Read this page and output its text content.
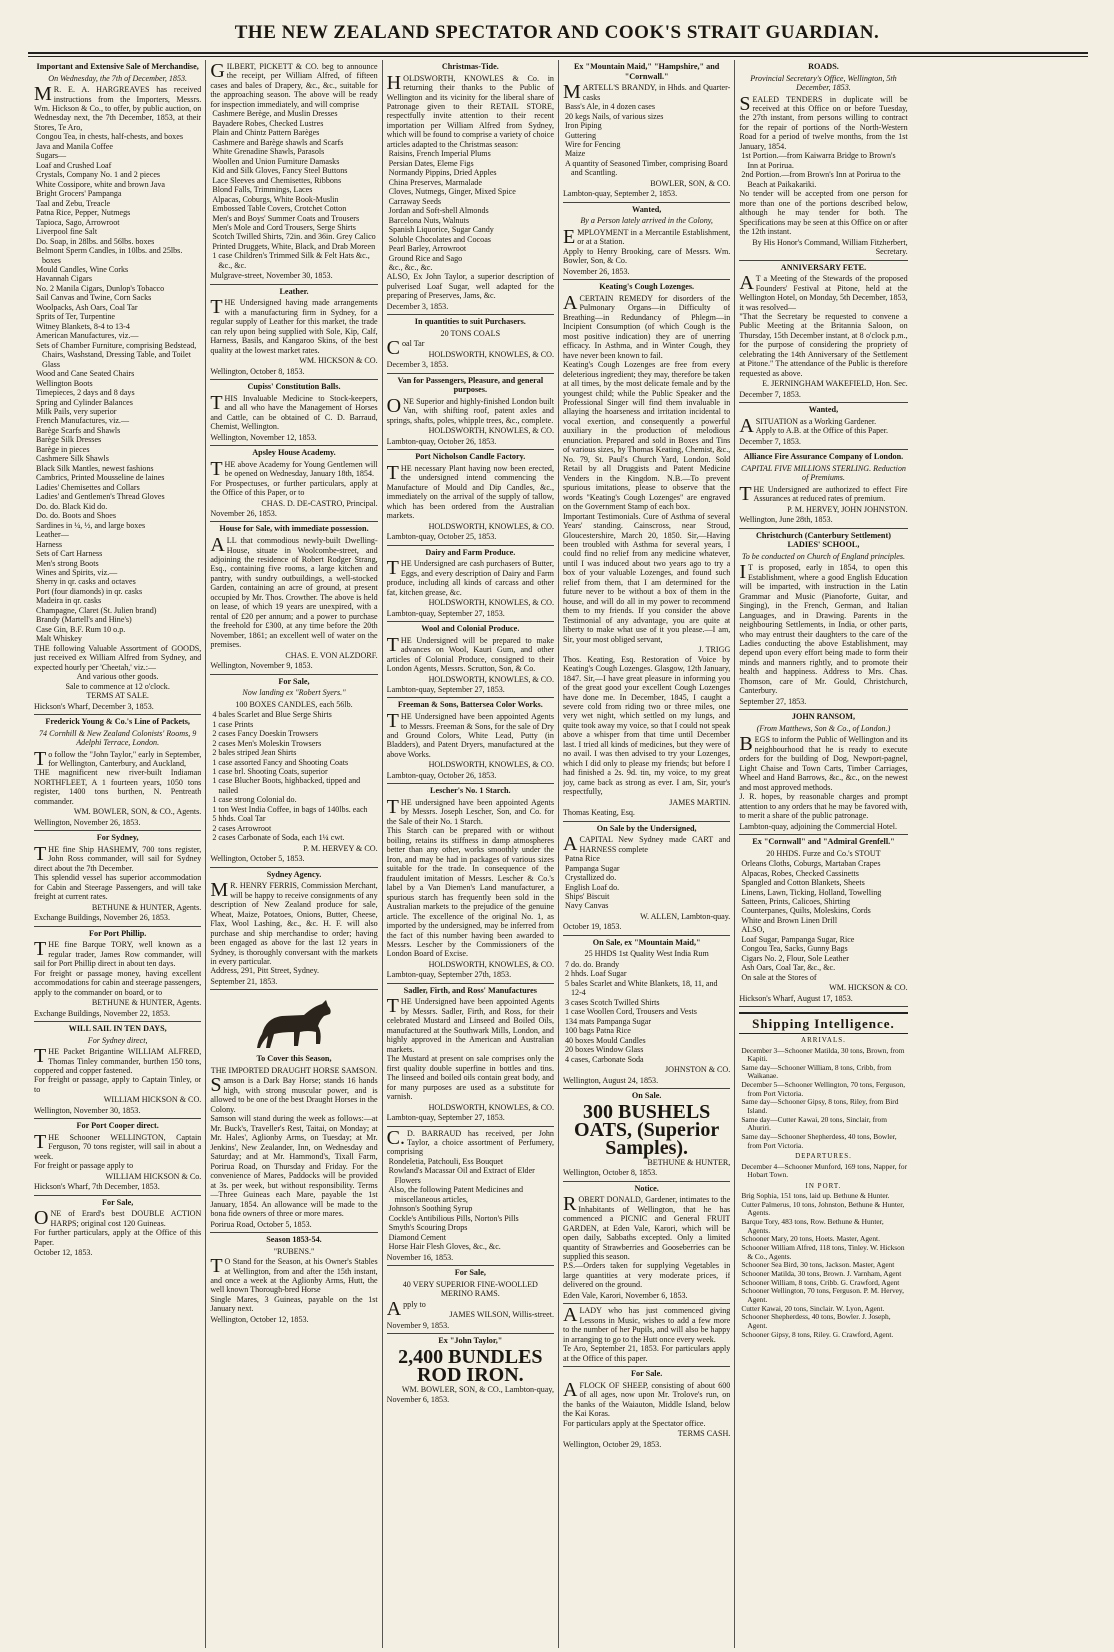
THE NEW ZEALAND SPECTATOR AND COOK'S STRAIT GUARDIAN.
Important and Extensive Sale of Merchandise,
On Wednesday, the 7th of December, 1853.

MR. E. A. HARGREAVES has received instructions from the Importers, Messrs. Wm. Hickson & Co., to offer, by public auction, on Wednesday next, the 7th December, 1853, at their Stores, Te Aro,

Congou Tea, in chests, half-chests, and boxes
Java and Manila Coffee
Sugars—
Loaf and Crushed Loaf
Crystals, Company No. 1 and 2 pieces
White Cossipore, white and brown Java
Bright Grocers' Pampanga
Taal and Zebu, Treacle
Patna Rice, Pepper, Nutmegs
Tapioca, Sago, Arrowroot
Liverpool fine Salt
Do. Soap, in 28lbs. and 56lbs. boxes
Belmont Sperm Candles, in 10lbs. and 25lbs. boxes
Mould Candles, Wine Corks
Havannah Cigars
No. 2 Manila Cigars, Dunlop's Tobacco
Sail Canvas and Twine, Corn Sacks
Woolpacks, Ash Oars, Coal Tar
Sprits of Ter, Turpentine
Witney Blankets, 8-4 to 13-4
American Manufactures, viz.—
Sets of Chamber Furniture, comprising Bedstead, Chairs, Washstand, Dressing Table, and Toilet Glass
Wood and Cane Seated Chairs
Wellington Boots
Timepieces, 2 days and 8 days
Spring and Cylinder Balances
Milk Pails, very superior
French Manufactures, viz.—
Barège Scarfs and Shawls
Barège Silk Dresses
Barège in pieces
Cashmere Silk Shawls
Black Silk Mantles, newest fashions
Cambrics, Printed Mousseline de laines
Ladies' Chemisettes and Collars
Ladies' and Gentlemen's Thread Gloves
Do. do. Black Kid do.
Do. do. Boots and Shoes
Sardines in ¼, ½, and large boxes
Leather—
Harness
Sets of Cart Harness
Men's strong Boots
Wines and Spirits, viz.—
Sherry in qr. casks and octaves
Port (four diamonds) in qr. casks
Madeira in qr. casks
Champagne, Claret (St. Julien brand)
Brandy (Martell's and Hine's)
Case Gin, B.F. Rum 10 o.p.
Malt Whiskey

THE following Valuable Assortment of GOODS, just received ex William Alfred from Sydney, and expected hourly per 'Cheetah,' viz.:—

And various other goods.
Sale to commence at 12 o'clock.
TERMS AT SALE.
Hickson's Wharf, December 3, 1853.
Frederick Young & Co.'s Line of Packets,
74 Cornhill & New Zealand Colonists' Rooms, 9 Adelphi Terrace, London.

To follow the "John Taylor," early in September, for Wellington, Canterbury, and Auckland,

THE magnificent new river-built Indiaman NORTHFLEET, A 1 fourteen years, 1050 tons register, 1400 tons burthen, N. Pentreath commander.

WM. BOWLER, SON, & CO., Agents.
Wellington, November 26, 1853.
For Sydney,

THE fine Ship HASHEMY, 700 tons register, John Ross commander, will sail for Sydney direct about the 7th December.

This splendid vessel has superior accommodation for Cabin and Steerage Passengers, and will take freight at current rates.

BETHUNE & HUNTER, Agents.
Exchange Buildings, November 26, 1853.
For Port Phillip.

THE fine Barque TORY, well known as a regular trader, James Row commander, will sail for Port Phillip direct in about ten days.

For freight or passage money, having excellent accommodations for cabin and steerage passengers, apply to the commander on board, or to

BETHUNE & HUNTER, Agents.
Exchange Buildings, November 22, 1853.
WILL SAIL IN TEN DAYS,
For Sydney direct,

THE Packet Brigantine WILLIAM ALFRED, Thomas Tinley commander, burthen 150 tons, coppered and copper fastened.

For freight or passage, apply to Captain Tinley, or to

WILLIAM HICKSON & CO.
Wellington, November 30, 1853.
For Port Cooper direct.

THE Schooner WELLINGTON, Captain Ferguson, 70 tons register, will sail in about a week.

For freight or passage apply to

WILLIAM HICKSON & Co.
Hickson's Wharf, 7th December, 1853.
For Sale,

ONE of Erard's best DOUBLE ACTION HARPS; original cost 120 Guineas.

For further particulars, apply at the Office of this Paper.

October 12, 1853.

GILBERT, PICKETT & CO. beg to announce the receipt, per William Alfred, of fifteen cases and bales of Drapery, &c., &c., suitable for the approaching season. The above will be ready for inspection immediately, and will comprise

Cashmere Berège, and Muslin Dresses
Bayadere Robes, Checked Lustres
Plain and Chintz Pattern Barèges
Cashmere and Barège shawls and Scarfs
White Grenadine Shawls, Parasols
Woollen and Union Furniture Damasks
Kid and Silk Gloves, Fancy Steel Buttons
Lace Sleeves and Chemisettes, Ribbons
Blond Falls, Trimmings, Laces
Alpacas, Coburgs, White Book-Muslin
Embossed Table Covers, Crotchet Cotton
Men's and Boys' Summer Coats and Trousers
Men's Mole and Cord Trousers, Serge Shirts
Scotch Twilled Shirts, 72in. and 36in. Grey Calico
Printed Druggets, White, Black, and Drab Moreen
1 case Children's Trimmed Silk & Felt Hats &c., &c., &c.
Mulgrave-street, November 30, 1853.
Leather.

THE Undersigned having made arrangements with a manufacturing firm in Sydney, for a regular supply of Leather for this market, the trade can rely upon being supplied with Sole, Kip, Calf, Harness, Basils, and Kangaroo Skins, of the best quality at the lowest market rates.

WM. HICKSON & CO.
Wellington, October 8, 1853.
Cupiss' Constitution Balls.

THIS Invaluable Medicine to Stock-keepers, and all who have the Management of Horses and Cattle, can be obtained of C. D. Barraud, Chemist, Wellington.

Wellington, November 12, 1853.
Apsley House Academy.

THE above Academy for Young Gentlemen will be opened on Wednesday, January 18th, 1854.

For Prospectuses, or further particulars, apply at the Office of this Paper, or to

CHAS. D. DE-CASTRO, Principal.
November 26, 1853.
House for Sale, with immediate possession.

ALL that commodious newly-built Dwelling-House, situate in Woolcombe-street, and adjoining the residence of Robert Rodger Strang, Esq., containing five rooms, a large kitchen and pantry, with sundry outbuildings, a well-stocked Garden, containing an acre of ground, at present occupied by Mr. Thos. Crowther. The above is held on lease, of which 19 years are unexpired, with a rental of £20 per annum; and a power to purchase the freehold for £300, at any time before the 20th November, 1861; an excellent well of water on the premises.

CHAS. E. VON ALZDORF.
Wellington, November 9, 1853.
For Sale,
Now landing ex "Robert Syers."
100 BOXES CANDLES, each 56lb.
4 bales Scarlet and Blue Serge Shirts
1 case Prints
2 cases Fancy Doeskin Trowsers
2 cases Men's Moleskin Trowsers
2 bales striped Jean Shirts
1 case assorted Fancy and Shooting Coats
1 case brl. Shooting Coats, superior
1 case Blucher Boots, highbacked, tipped and nailed
1 case strong Colonial do.
1 ton West India Coffee, in bags of 140lbs. each
5 hhds. Coal Tar
2 cases Arrowroot
2 cases Carbonate of Soda, each 1¼ cwt.
P. M. HERVEY & CO.
Wellington, October 5, 1853.
Sydney Agency.

MR. HENRY FERRIS, Commission Merchant, will be happy to receive consignments of any description of New Zealand produce for sale, Wheat, Maize, Potatoes, Onions, Butter, Cheese, Flax, Wool Lashing, &c., &c. H. F. will also purchase and ship merchandise to order; having been engaged as above for the last 12 years in Sydney, is thoroughly conversant with the markets in every particular.

Address, 291, Pitt Street, Sydney.

September 21, 1853.
To Cover this Season,
THE IMPORTED DRAUGHT HORSE SAMSON.

Samson is a Dark Bay Horse; stands 16 hands high, with strong muscular power, and is allowed to be one of the best Draught Horses in the Colony.

Samson will stand during the week as follows:—at Mr. Buck's, Traveller's Rest, Taitai, on Monday; at Mr. Hales', Aglionby Arms, on Tuesday; at Mr. Jenkins', New Zealander, Inn, on Wednesday and Saturday; and at Mr. Hammond's, Tixall Farm, Porirua Road, on Thursday and Friday. For the convenience of Mares, Paddocks will be provided at 3s. per week, but without responsibility. Terms—Three Guineas each Mare, payable the 1st January, 1854. An allowance will be made to the bona fide owners of three or more mares.

Porirua Road, October 5, 1853.
Season 1853-54.
"RUBENS."

TO Stand for the Season, at his Owner's Stables at Wellington, from and after the 15th instant, and once a week at the Aglionby Arms, Hutt, the well known Thorough-bred Horse

Single Mares, 3 Guineas, payable on the 1st January next.

Wellington, October 12, 1853.
Christmas-Tide.

HOLDSWORTH, KNOWLES & Co. in returning their thanks to the Public of Wellington and its vicinity for the liberal share of Patronage given to their RETAIL STORE, respectfully invite attention to their recent importation per William Alfred from Sydney, which will be found to comprise a variety of choice articles adapted to the Christmas season:

Raisins, French Imperial Plums
Persian Dates, Eleme Figs
Normandy Pippins, Dried Apples
China Preserves, Marmalade
Cloves, Nutmegs, Ginger, Mixed Spice
Carraway Seeds
Jordan and Soft-shell Almonds
Barcelona Nuts, Walnuts
Spanish Liquorice, Sugar Candy
Soluble Chocolates and Cocoas
Pearl Barley, Arrowroot
Ground Rice and Sago
&c., &c., &c.

ALSO, Ex John Taylor, a superior description of pulverised Loaf Sugar, well adapted for the preparing of Preserves, Jams, &c.

December 3, 1853.
In quantities to suit Purchasers.
20 TONS COALS

Coal Tar

HOLDSWORTH, KNOWLES, & CO.
December 3, 1853.
Van for Passengers, Pleasure, and general purposes.

ONE Superior and highly-finished London built Van, with shifting roof, patent axles and springs, shafts, poles, whipple trees, &c., complete.

HOLDSWORTH, KNOWLES, & CO.
Lambton-quay, October 26, 1853.
Port Nicholson Candle Factory.

THE necessary Plant having now been erected, the undersigned intend commencing the Manufacture of Mould and Dip Candles, &c., immediately on the arrival of the supply of tallow, which has been ordered from the Australian markets.

HOLDSWORTH, KNOWLES, & CO.
Lambton-quay, October 25, 1853.
Dairy and Farm Produce.

THE Undersigned are cash purchasers of Butter, Eggs, and every description of Dairy and Farm produce, including all kinds of carcass and other fat, kitchen grease, &c.

HOLDSWORTH, KNOWLES, & CO.
Lambton-quay, September 27, 1853.
Wool and Colonial Produce.

THE Undersigned will be prepared to make advances on Wool, Kauri Gum, and other articles of Colonial Produce, consigned to their London Agents, Messrs. Scrutton, Son, & Co.

HOLDSWORTH, KNOWLES, & CO.
Lambton-quay, September 27, 1853.
Freeman & Sons, Battersea Color Works.

THE Undersigned have been appointed Agents to Messrs. Freeman & Sons, for the sale of Dry and Ground Colors, White Lead, Putty (in Bladders), and Patent Dryers, manufactured at the above Works.

HOLDSWORTH, KNOWLES, & CO.
Lambton-quay, October 26, 1853.
Lescher's No. 1 Starch.

THE undersigned have been appointed Agents by Messrs. Joseph Lescher, Son, and Co. for the Sale of their No. 1 Starch.

This Starch can be prepared with or without boiling, retains its stiffness in damp atmospheres better than any other, works smoothly under the Iron, and may be had in packages of various sizes suitable for the trade. In consequence of the fraudulent imitation of Messrs. Lescher & Co.'s label by a Van Diemen's Land manufacturer, a spurious starch has frequently been sold in the Australian markets to the prejudice of the genuine article. The excellence of the original No. 1, as imported by the undersigned, may be inferred from the fact of this number having been awarded to Messrs. Lescher by the Commissioners of the London Board of Excise.

HOLDSWORTH, KNOWLES, & CO.
Lambton-quay, September 27th, 1853.
Sadler, Firth, and Ross' Manufactures

THE Undersigned have been appointed Agents by Messrs. Sadler, Firth, and Ross, for their celebrated Mustard and Linseed and Boiled Oils, manufactured at the Southwark Mills, London, and highly approved in the American and Australian markets.

The Mustard at present on sale comprises only the first quality double superfine in bottles and tins. The linseed and boiled oils contain great body, and for many purposes are used as a substitute for varnish.

HOLDSWORTH, KNOWLES, & CO.
Lambton-quay, September 27, 1853.

C.D. BARRAUD has received, per John Taylor, a choice assortment of Perfumery, comprising

Rondeletia, Patchouli, Ess Bouquet
Rowland's Macassar Oil and Extract of Elder Flowers
Also, the following Patent Medicines and miscellaneous articles,
Johnson's Soothing Syrup
Cockle's Antibilious Pills, Norton's Pills
Smyth's Scouring Drops
Diamond Cement
Horse Hair Flesh Gloves, &c., &c.
November 16, 1853.
For Sale,
40 VERY SUPERIOR FINE-WOOLLED MERINO RAMS.

Apply to

JAMES WILSON, Willis-street.
November 9, 1853.
Ex "John Taylor,"
2,400 BUNDLES ROD IRON.
WM. BOWLER, SON, & CO., Lambton-quay,
November 6, 1853.
Ex "Mountain Maid," "Hampshire," and "Cornwall."

MARTELL'S BRANDY, in Hhds. and Quarter-casks

Bass's Ale, in 4 dozen cases
20 kegs Nails, of various sizes
Iron Piping
Guttering
Wire for Fencing
Maize
A quantity of Seasoned Timber, comprising Board and Scantling.
BOWLER, SON, & CO.
Lambton-quay, September 2, 1853.
Wanted,
By a Person lately arrived in the Colony,

EMPLOYMENT in a Mercantile Establishment, or at a Station.

Apply to Henry Brooking, care of Messrs. Wm. Bowler, Son, & Co.

November 26, 1853.
Keating's Cough Lozenges.

ACERTAIN REMEDY for disorders of the Pulmonary Organs—in Difficulty of Breathing—in Redundancy of Phlegm—in Incipient Consumption (of which Cough is the most positive indication) they are of unerring efficacy. In Asthma, and in Winter Cough, they have never been known to fail.

Keating's Cough Lozenges are free from every deleterious ingredient; they may, therefore be taken at all times, by the most delicate female and by the youngest child; while the Public Speaker and the Professional Singer will find them invaluable in allaying the hoarseness and irritation incidental to vocal exertion, and consequently a powerful auxiliary in the production of melodious enunciation. Prepared and sold in Boxes and Tins of various sizes, by Thomas Keating, Chemist, &c., No. 79, St. Paul's Church Yard, London. Sold Retail by all Druggists and Patent Medicine Venders in the Kingdom. N.B.—To prevent spurious imitations, please to observe that the words "Keating's Cough Lozenges" are engraved on the Government Stamp of each box.

Important Testimonials. Cure of Asthma of several Years' standing. Cainscross, near Stroud, Gloucestershire, March 20, 1850. Sir,—Having been troubled with Asthma for several years, I could find no relief from any medicine whatever, until I was induced about two years ago to try a box of your valuable Lozenges, and found such relief from them, that I am determined for the future never to be without a box of them in the house, and will do all in my power to recommend them to my friends. If you consider the above Testimonial of any advantage, you are quite at liberty to make what use of it you please.—I am, Sir, your most obliged servant,

J. TRIGG

Thos. Keating, Esq. Restoration of Voice by Keating's Cough Lozenges. Glasgow, 12th January, 1847. Sir,—I have great pleasure in informing you of the great good your excellent Cough Lozenges have done me. In December, 1845, I caught a severe cold from riding two or three miles, one very wet night, which settled on my lungs, and quite took away my voice, so that I could not speak above a whisper from that time until December last. I tried all kinds of medicines, but they were of no avail. I was then advised to try your Lozenges, which I did only to please my friends; but before I had finished a 2s. 9d. tin, my voice, to my great joy, came back as strong as ever. I am, Sir, your's respectfully,

JAMES MARTIN.
Thomas Keating, Esq.
On Sale by the Undersigned,

ACAPITAL New Sydney made CART and HARNESS complete

Patna Rice
Pampanga Sugar
Crystallized do.
English Loaf do.
Ships' Biscuit
Navy Canvas
W. ALLEN, Lambton-quay.
October 19, 1853.
On Sale, ex "Mountain Maid,"
25 HHDS 1st Quality West India Rum
7 do. do. Brandy
2 hhds. Loaf Sugar
5 bales Scarlet and White Blankets, 18, 11, and 12-4
3 cases Scotch Twilled Shirts
1 case Woollen Cord, Trousers and Vests
134 mats Pampanga Sugar
100 bags Patna Rice
40 boxes Mould Candles
20 boxes Window Glass
4 cases, Carbonate Soda
JOHNSTON & CO.
Wellington, August 24, 1853.
On Sale.
300 BUSHELS OATS, (Superior Samples).
BETHUNE & HUNTER,
Wellington, October 8, 1853.
Notice.

ROBERT DONALD, Gardener, intimates to the Inhabitants of Wellington, that he has commenced a PICNIC and General FRUIT GARDEN, at Eden Vale, Karori, which will be open daily, Sabbaths excepted. Only a limited quantity of Strawberries and Gooseberries can be supplied this season.

P.S.—Orders taken for supplying Vegetables in large quantities at very moderate prices, if delivered on the ground.

Eden Vale, Karori, November 6, 1853.

ALADY who has just commenced giving Lessons in Music, wishes to add a few more to the number of her Pupils, and will also be happy in arranging to go to the Hutt once every week.

Te Aro, September 21, 1853. For particulars apply at the Office of this paper.

For Sale.

AFLOCK OF SHEEP, consisting of about 600 of all ages, now upon Mr. Trolove's run, on the banks of the Waiauton, Middle Island, below the Kai Koras.

For particulars apply at the Spectator office.

TERMS CASH.
Wellington, October 29, 1853.
ROADS.
Provincial Secretary's Office, Wellington, 5th December, 1853.

SEALED TENDERS in duplicate will be received at this Office on or before Tuesday, the 27th instant, from persons willing to contract for the repair of portions of the North-Western Road for a period of twelve months, from the 1st January, 1854.

1st Portion.—from Kaiwarra Bridge to Brown's Inn at Porirua.
2nd Portion.—from Brown's Inn at Porirua to the Beach at Paikakariki.

No tender will be accepted from one person for more than one of the portions described below, although he may tender for both. The Specifications may be seen at this Office on or after the 12th instant.

By His Honor's Command, William Fitzherbert, Secretary.
ANNIVERSARY FETE.

AT a Meeting of the Stewards of the proposed Founders' Festival at Pitone, held at the Wellington Hotel, on Monday, 5th December, 1853, it was resolved—

"That the Secretary be requested to convene a Public Meeting at the Britannia Saloon, on Thursday, 15th December instant, at 8 o'clock p.m., for the purpose of considering the propriety of celebrating the 14th Anniversary of the Settlement at Pitone." The attendance of the Public is therefore requested as above.

E. JERNINGHAM WAKEFIELD, Hon. Sec.
December 7, 1853.
Wanted,

ASITUATION as a Working Gardener.

Apply to A.B. at the Office of this Paper.

December 7, 1853.
Alliance Fire Assurance Company of London.
CAPITAL FIVE MILLIONS STERLING. Reduction of Premiums.

THE Undersigned are authorized to effect Fire Assurances at reduced rates of premium.

P. M. HERVEY, JOHN JOHNSTON.
Wellington, June 28th, 1853.
Christchurch (Canterbury Settlement) LADIES' SCHOOL,
To be conducted on Church of England principles.

IT is proposed, early in 1854, to open this Establishment, where a good English Education will be imparted, with instruction in the Latin Grammar and Music (Pianoforte, Guitar, and Singing), in the French, German, and Italian Languages, and in Drawing. Parents in the neighbouring Settlements, in India, or other parts, who may entrust their daughters to the care of the Ladies conducting the above Establishment, may depend upon every effort being made to form their minds and manners rightly, and to promote their health and happiness. Address to Mrs. Chas. Thomson, care of Mr. Gould, Christchurch, Canterbury.

September 27, 1853.
JOHN RANSOM,
(From Matthews, Son & Co., of London.)

BEGS to inform the Public of Wellington and its neighbourhood that he is ready to execute orders for the building of Dog, Newport-pagnel, Light Chaise and Town Carts, Timber Carriages, Wheel and Hand Barrows, &c., &c., on the newest and most approved methods.

J. R. hopes, by reasonable charges and prompt attention to any orders that he may be favored with, to merit a share of the public patronage.

Lambton-quay, adjoining the Commercial Hotel.
Ex "Cornwall" and "Admiral Grenfell."
20 HHDS. Furze and Co.'s STOUT
Orleans Cloths, Coburgs, Martaban Crapes
Alpacas, Robes, Checked Cassinetts
Spangled and Cotton Blankets, Sheets
Linens, Lawn, Ticking, Holland, Towelling
Satteen, Prints, Calicoes, Shirting
Counterpanes, Quilts, Moleskins, Cords
White and Brown Linen Drill
ALSO,
Loaf Sugar, Pampanga Sugar, Rice
Congou Tea, Sacks, Gunny Bags
Cigars No. 2, Flour, Sole Leather
Ash Oars, Coal Tar, &c., &c.
On sale at the Stores of
WM. HICKSON & CO.
Hickson's Wharf, August 17, 1853.
Shipping Intelligence.
ARRIVALS.
December 3—Schooner Matilda, 30 tons, Brown, from Kapiti.
Same day—Schooner William, 8 tons, Cribb, from Waikanae.
December 5—Schooner Wellington, 70 tons, Ferguson, from Port Victoria.
Same day—Schooner Gipsy, 8 tons, Riley, from Bird Island.
Same day—Cutter Kawai, 20 tons, Sinclair, from Ahuriri.
Same day—Schooner Shepherdess, 40 tons, Bowler, from Port Victoria.
DEPARTURES.
December 4—Schooner Munford, 169 tons, Napper, for Hobart Town.
IN PORT.
Brig Sophia, 151 tons, laid up. Bethune & Hunter.
Cutter Palmerus, 10 tons, Johnston, Bethune & Hunter, Agents.
Barque Tory, 483 tons, Row. Bethune & Hunter, Agents.
Schooner Mary, 20 tons, Hoets. Master, Agent.
Schooner William Alfred, 118 tons, Tinley. W. Hickson & Co., Agents.
Schooner Sea Bird, 30 tons, Jackson. Master, Agent
Schooner Matilda, 30 tons, Brown. J. Varnham, Agent
Schooner William, 8 tons, Cribb. G. Crawford, Agent
Schooner Wellington, 70 tons, Ferguson. P. M. Hervey, Agent.
Cutter Kawai, 20 tons, Sinclair. W. Lyon, Agent.
Schooner Shepherdess, 40 tons, Bowler. J. Joseph, Agent.
Schooner Gipsy, 8 tons, Riley. G. Crawford, Agent.
